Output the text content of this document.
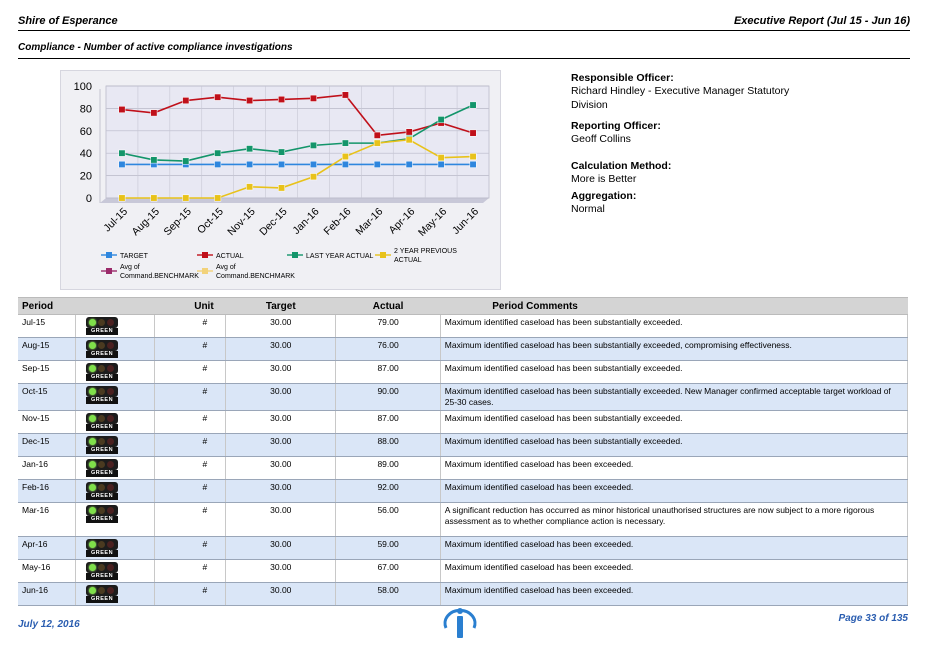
Shire of Esperance	Executive Report (Jul 15 - Jun 16)
Compliance - Number of active compliance investigations
0
20
40
60
80
100
Jul-15 Aug-15 Sep-15 Oct-15 Nov-15 Dec-15 Jan-16 Feb-16 Mar-16 Apr-16
May-16 Jun-16
TARGET	ACTUAL	LAST YEAR ACTUAL
2 YEAR PREVIOUS ACTUAL
Avg of Command.BENCHMARK
Avg of Command.BENCHMARK
Responsible Officer:
Richard Hindley - Executive Manager Statutory Division
Reporting Officer:
Geoff Collins
Calculation Method:
More is Better
Aggregation:
Normal
Period		Unit	Target	Actual	Period Comments
Jul-15	GREEN	#	30.00	79.00	Maximum identified caseload has been substantially exceeded.
Aug-15	GREEN	#	30.00	76.00	Maximum identified caseload has been substantially exceeded, compromising effectiveness.
Sep-15	GREEN	#	30.00	87.00	Maximum identified caseload has been substantially exceeded.
Oct-15	GREEN	#	30.00	90.00	Maximum identified caseload has been substantially exceeded. New Manager confirmed acceptable target workload of 25-30 cases.
Nov-15	GREEN	#	30.00	87.00	Maximum identified caseload has been substantially exceeded.
Dec-15	GREEN	#	30.00	88.00	Maximum identified caseload has been substantially exceeded.
Jan-16	GREEN	#	30.00	89.00	Maximum identified caseload has been exceeded.
Feb-16	GREEN	#	30.00	92.00	Maximum identified caseload has been exceeded.
Mar-16	GREEN	#	30.00	56.00	A significant reduction has occurred as minor historical unauthorised structures are now subject to a more rigorous assessment as to whether compliance action is necessary.
Apr-16	GREEN	#	30.00	59.00	Maximum identified caseload has been exceeded.
May-16	GREEN	#	30.00	67.00	Maximum identified caseload has been exceeded.
Jun-16	GREEN	#	30.00	58.00	Maximum identified caseload has been exceeded.
July 12, 2016
Page 33 of 135
